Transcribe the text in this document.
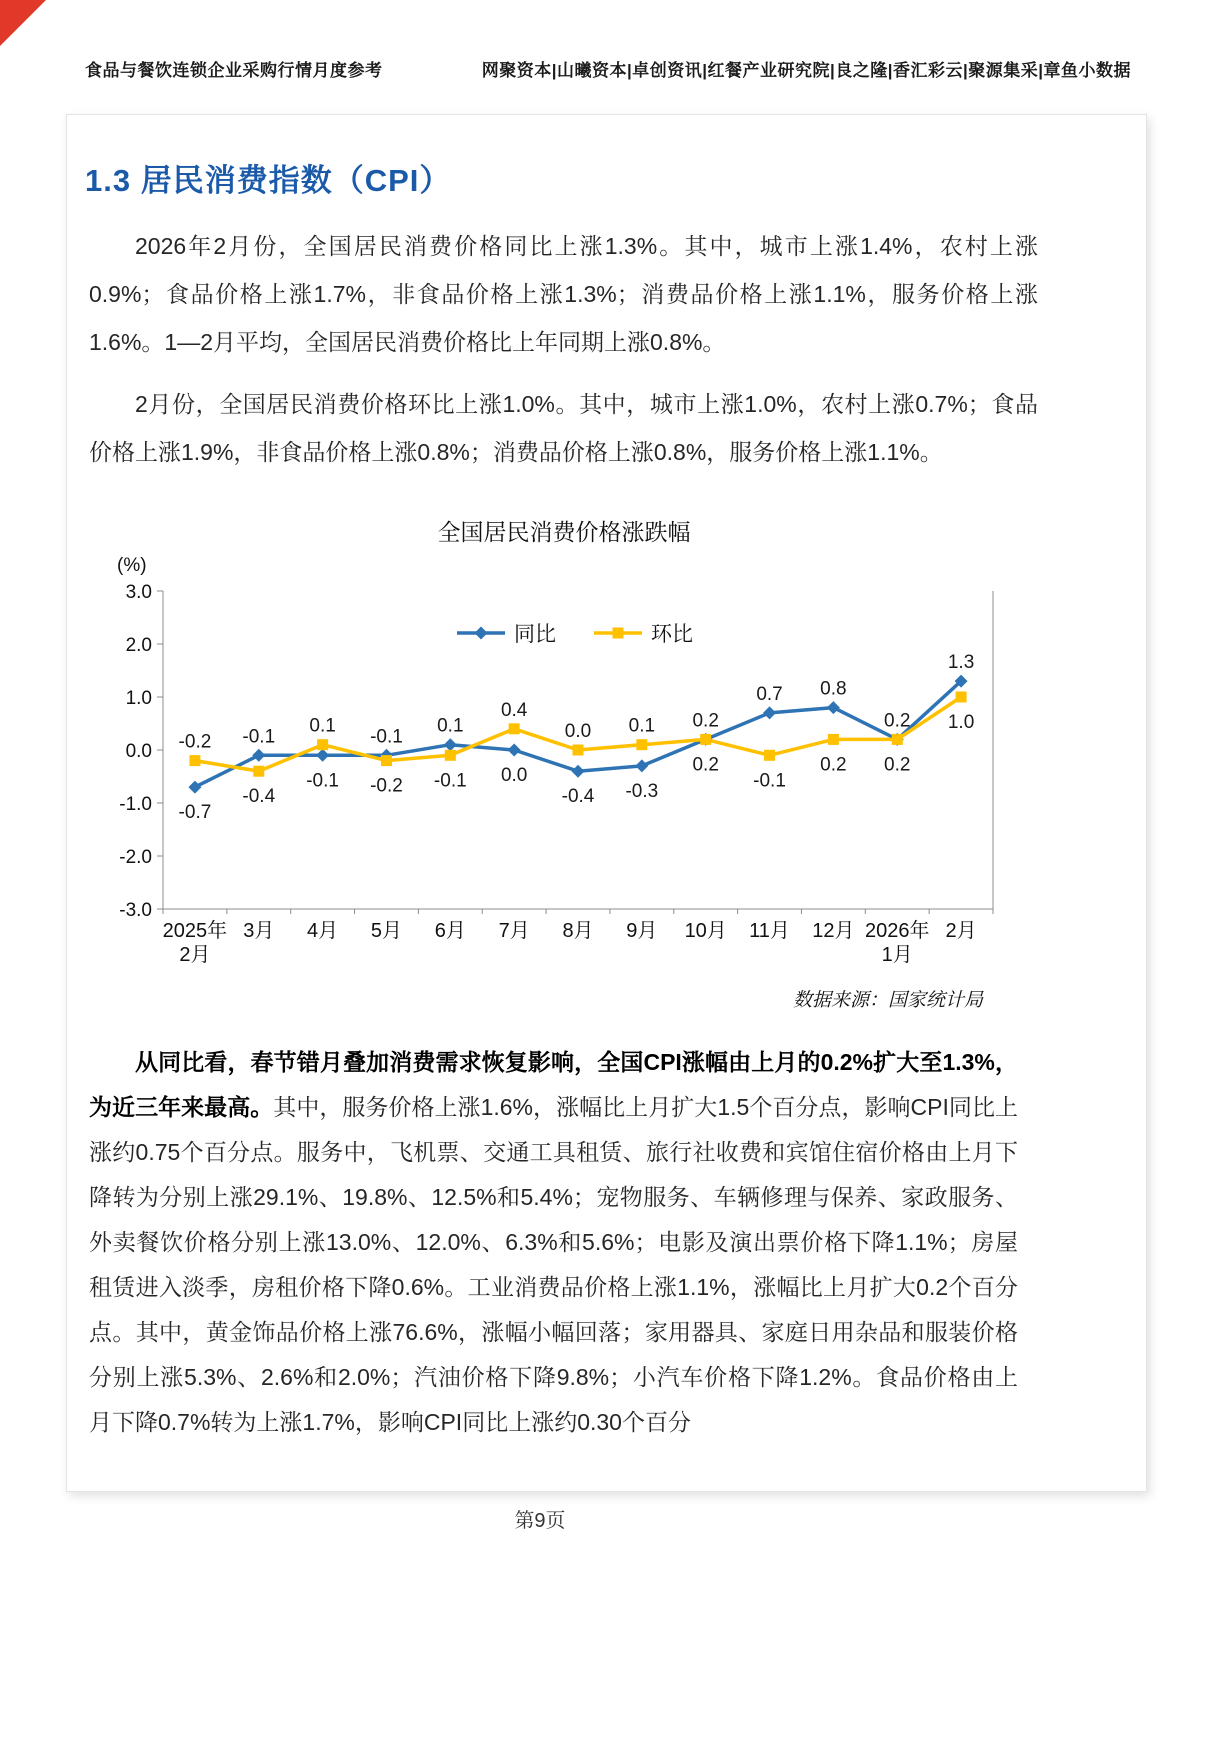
食品与餐饮连锁企业采购行情月度参考	网聚资本|山曦资本|卓创资讯|红餐产业研究院|良之隆|香汇彩云|聚源集采|章鱼小数据
1.3 居民消费指数（CPI）

2026年2月份，全国居民消费价格同比上涨1.3%。其中，城市上涨1.4%，农村上涨0.9%；食品价格上涨1.7%，非食品价格上涨1.3%；消费品价格上涨1.1%，服务价格上涨1.6%。1—2月平均，全国居民消费价格比上年同期上涨0.8%。

2月份，全国居民消费价格环比上涨1.0%。其中，城市上涨1.0%，农村上涨0.7%；食品价格上涨1.9%，非食品价格上涨0.8%；消费品价格上涨0.8%，服务价格上涨1.1%。

全国居民消费价格涨跌幅
(%)
3.0
2.0
1.0
0.0
-1.0
-2.0
-3.0
2025年
2月
3月 4月 5月 6月 7月 8月 9月 10月 11月 12月 2026年
1月
2月
-0.7
-0.2 -0.1
-0.4
-0.1
0.1
-0.1
-0.2
0.1
-0.1 0.0
0.4
-0.4
0.0
-0.3
0.1 0.2
0.2
0.7
-0.1
0.8
0.2
0.2
0.2
1.3
1.0
同比	环比
数据来源：国家统计局

从同比看，春节错月叠加消费需求恢复影响，全国CPI涨幅由上月的0.2%扩大至1.3%，为近三年来最高。其中，服务价格上涨1.6%，涨幅比上月扩大1.5个百分点，影响CPI同比上涨约0.75个百分点。服务中，飞机票、交通工具租赁、旅行社收费和宾馆住宿价格由上月下降转为分别上涨29.1%、19.8%、12.5%和5.4%；宠物服务、车辆修理与保养、家政服务、外卖餐饮价格分别上涨13.0%、12.0%、6.3%和5.6%；电影及演出票价格下降1.1%；房屋租赁进入淡季，房租价格下降0.6%。工业消费品价格上涨1.1%，涨幅比上月扩大0.2个百分点。其中，黄金饰品价格上涨76.6%，涨幅小幅回落；家用器具、家庭日用杂品和服装价格分别上涨5.3%、2.6%和2.0%；汽油价格下降9.8%；小汽车价格下降1.2%。食品价格由上月下降0.7%转为上涨1.7%，影响CPI同比上涨约0.30个百分

第9页
